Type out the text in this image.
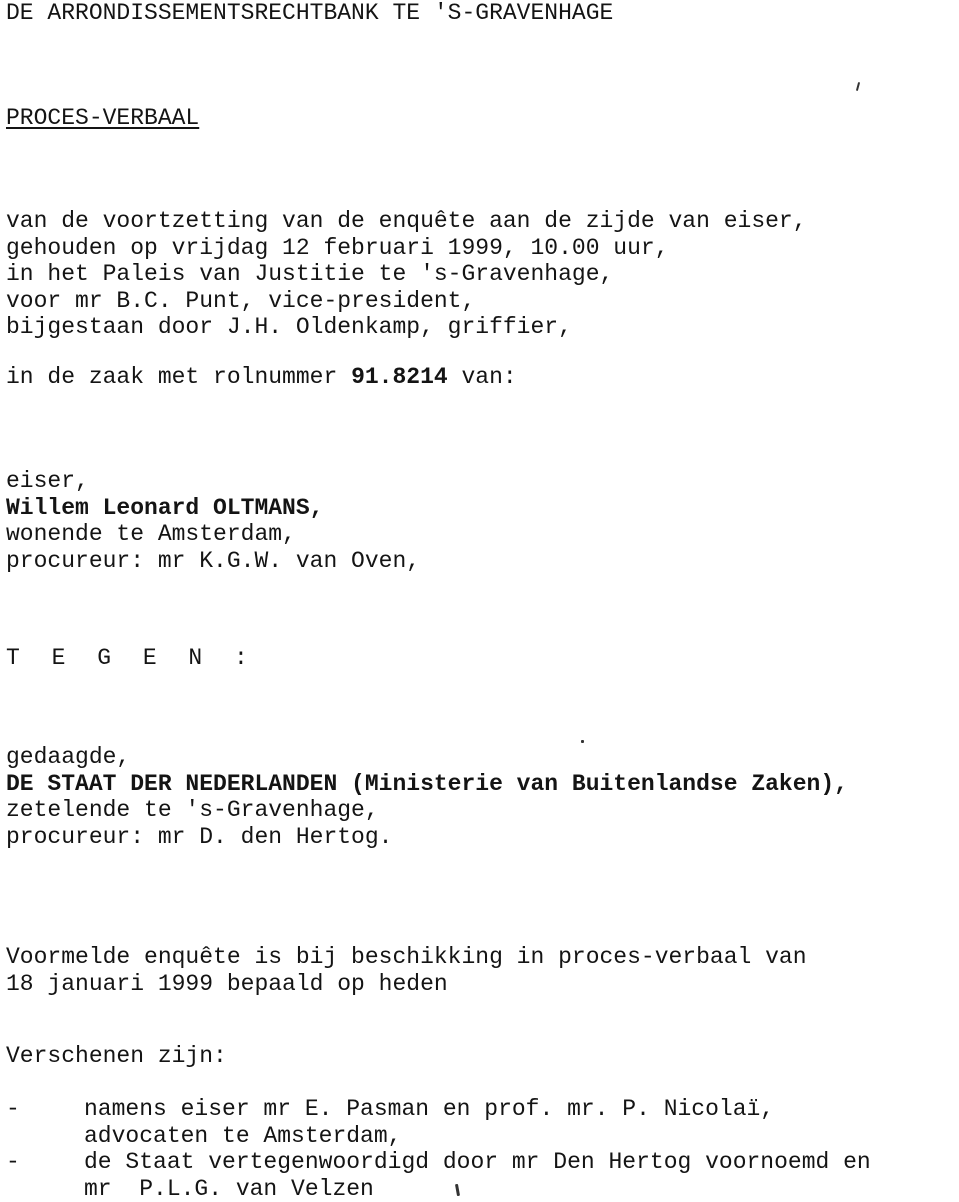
DE ARRONDISSEMENTSRECHTBANK TE 'S-GRAVENHAGE
PROCES-VERBAAL
van de voortzetting van de enquête aan de zijde van eiser,
gehouden op vrijdag 12 februari 1999, 10.00 uur,
in het Paleis van Justitie te 's-Gravenhage,
voor mr B.C. Punt, vice-president,
bijgestaan door J.H. Oldenkamp, griffier,
in de zaak met rolnummer 91.8214 van:
eiser,
Willem Leonard OLTMANS,
wonende te Amsterdam,
procureur: mr K.G.W. van Oven,
T E G E N :
gedaagde,
DE STAAT DER NEDERLANDEN (Ministerie van Buitenlandse Zaken),
zetelende te 's-Gravenhage,
procureur: mr D. den Hertog.
Voormelde enquête is bij beschikking in proces-verbaal van
18 januari 1999 bepaald op heden
Verschenen zijn:
-	namens eiser mr E. Pasman en prof. mr. P. Nicolaï,
advocaten te Amsterdam,
-	de Staat vertegenwoordigd door mr Den Hertog voornoemd en
mr  P.L.G. van Velzen
